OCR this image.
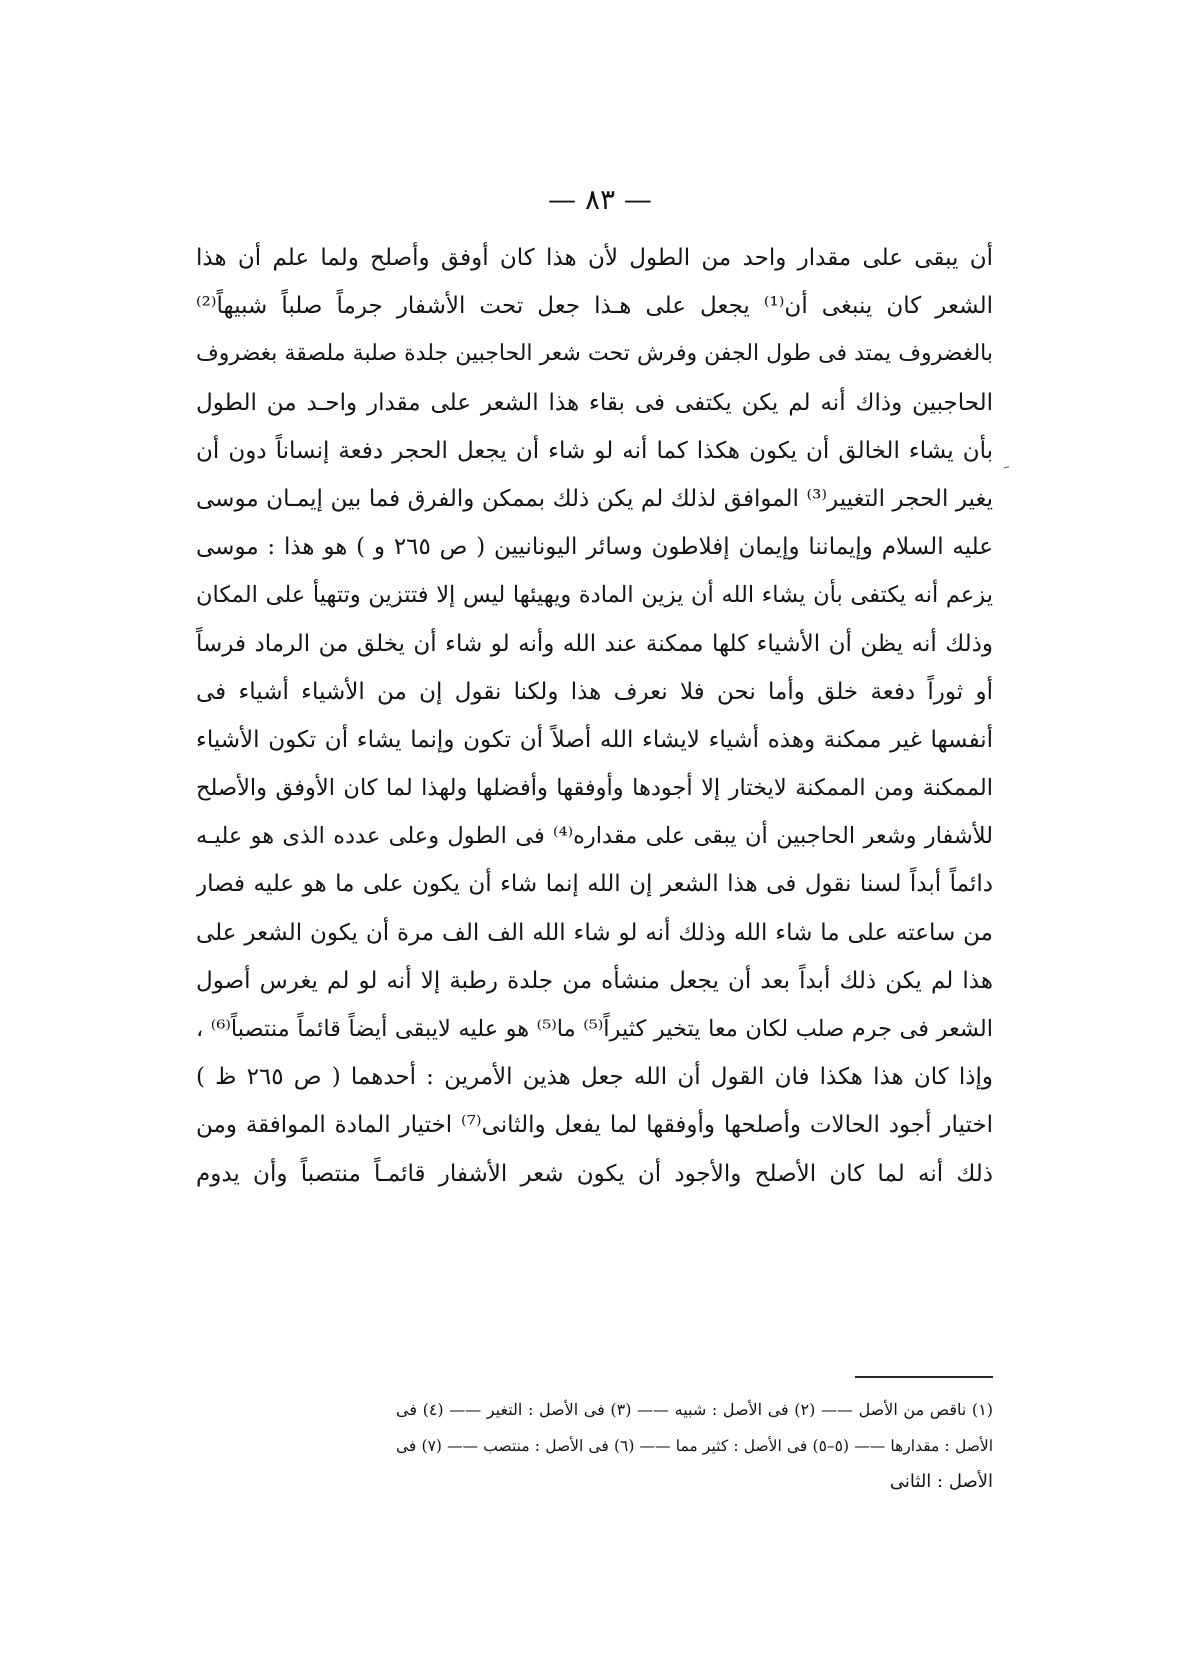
— ٨٣ —
أن يبقى على مقدار واحد من الطول لأن هذا كان أوفق وأصلح ولما علم أن هذا
الشعر كان ينبغى أن⁽¹⁾ يجعل على هـذا جعل تحت الأشفار جرماً صلباً شبيهاً⁽²⁾
بالغضروف يمتد فى طول الجفن وفرش تحت شعر الحاجبين جلدة صلبة ملصقة بغضروف
الحاجبين وذاك أنه لم يكن يكتفى فى بقاء هذا الشعر على مقدار واحـد من الطول
بأن يشاء الخالق أن يكون هكذا كما أنه لو شاء أن يجعل الحجر دفعة إنساناً دون أن
يغير الحجر التغيير⁽³⁾ الموافق لذلك لم يكن ذلك بممكن والفرق فما بين إيمـان موسى
عليه السلام وإيماننا وإيمان إفلاطون وسائر اليونانيين ( ص ٢٦٥ و ) هو هذا : موسى
يزعم أنه يكتفى بأن يشاء الله أن يزين المادة ويهيئها ليس إلا فتتزين وتتهيأ على المكان
وذلك أنه يظن أن الأشياء كلها ممكنة عند الله وأنه لو شاء أن يخلق من الرماد فرساً
أو ثوراً دفعة خلق وأما نحن فلا نعرف هذا ولكنا نقول إن من الأشياء أشياء فى
أنفسها غير ممكنة وهذه أشياء لايشاء الله أصلاً أن تكون وإنما يشاء أن تكون الأشياء
الممكنة ومن الممكنة لايختار إلا أجودها وأوفقها وأفضلها ولهذا لما كان الأوفق والأصلح
للأشفار وشعر الحاجبين أن يبقى على مقداره⁽⁴⁾ فى الطول وعلى عدده الذى هو عليـه
دائماً أبداً لسنا نقول فى هذا الشعر إن الله إنما شاء أن يكون على ما هو عليه فصار
من ساعته على ما شاء الله وذلك أنه لو شاء الله الف الف مرة أن يكون الشعر على
هذا لم يكن ذلك أبداً بعد أن يجعل منشأه من جلدة رطبة إلا أنه لو لم يغرس أصول
الشعر فى جرم صلب لكان معا يتخير كثيراً⁽⁵⁾ ما⁽⁵⁾ هو عليه لايبقى أيضاً قائماً منتصباً⁽⁶⁾ ،
وإذا كان هذا هكذا فان القول أن الله جعل هذين الأمرين : أحدهما ( ص ٢٦٥ ظ )
اختيار أجود الحالات وأصلحها وأوفقها لما يفعل والثانى⁽⁷⁾ اختيار المادة الموافقة ومن
ذلك أنه لما كان الأصلح والأجود أن يكون شعر الأشفار قائمـاً منتصباً وأن يدوم
(١) ناقص من الأصل —— (٢) فى الأصل : شبيه —— (٣) فى الأصل : التغير —— (٤) فى
الأصل : مقدارها —— (٥–٥) فى الأصل : كثير مما —— (٦) فى الأصل : منتصب —— (٧) فى
الأصل : الثانى
